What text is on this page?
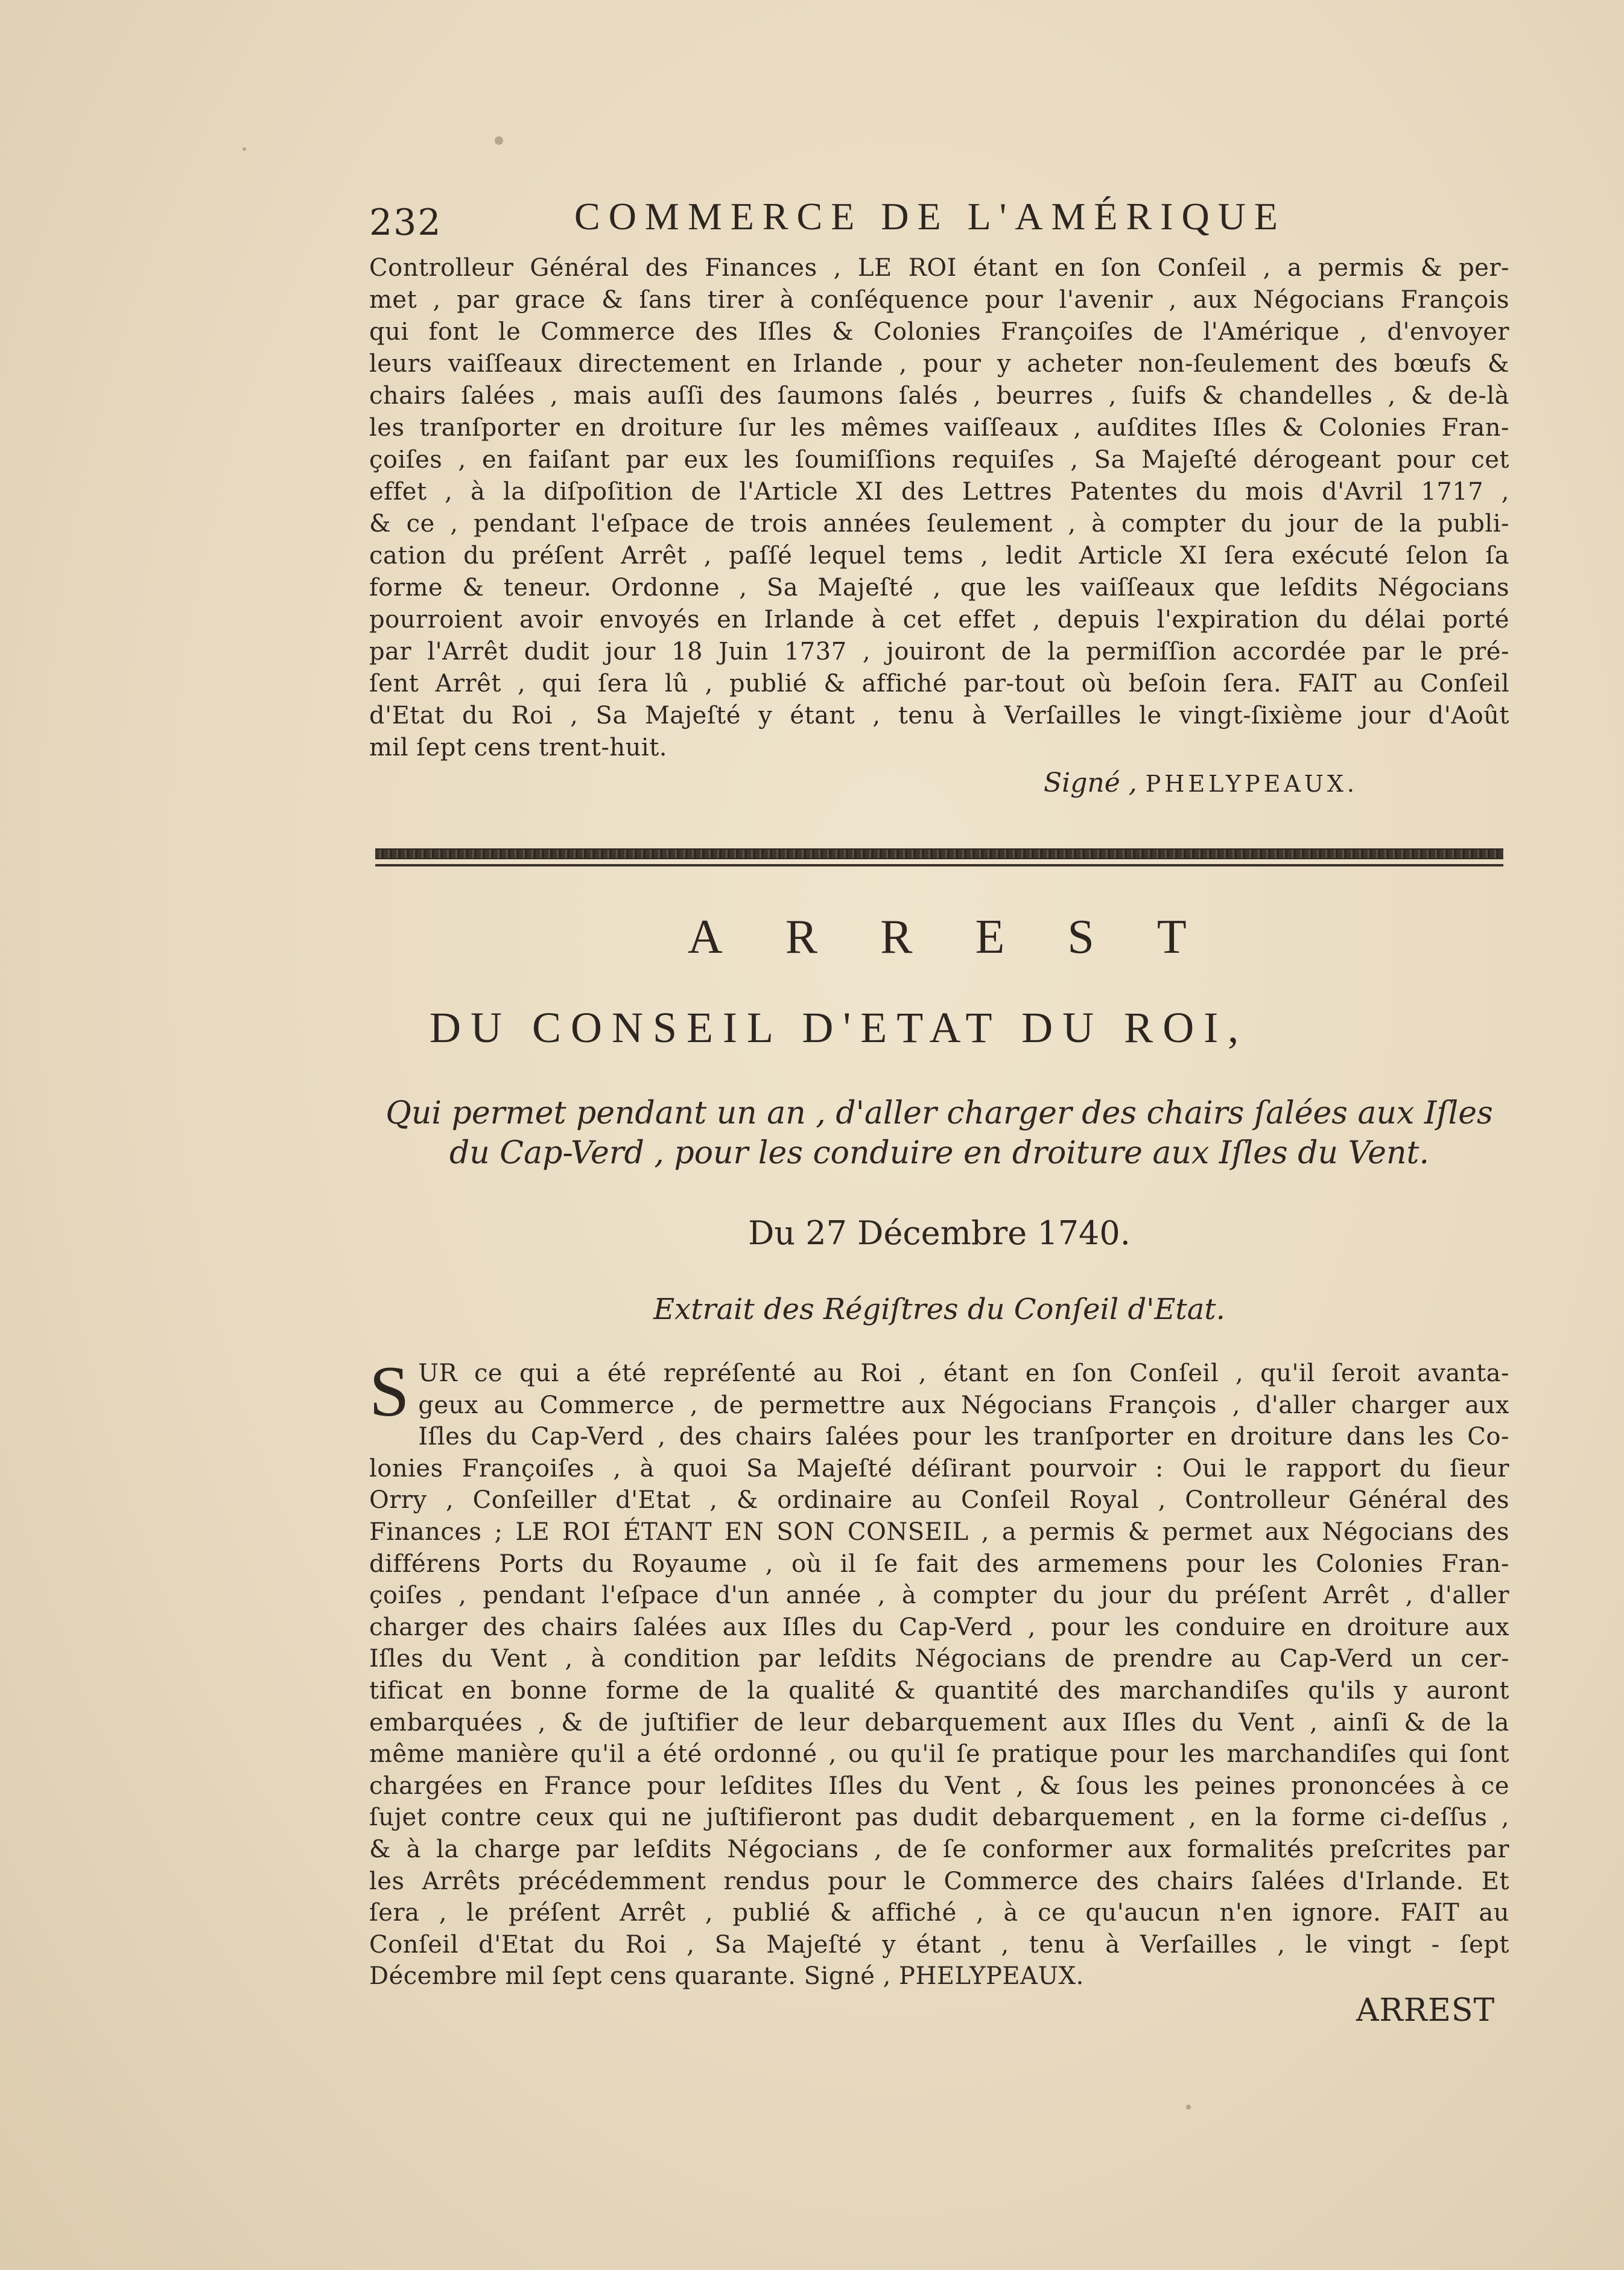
232	COMMERCE DE L'AMÉRIQUE

Controlleur Général des Finances , LE ROI étant en ſon Conſeil , a permis & per-

met , par grace & ſans tirer à conſéquence pour l'avenir , aux Négocians François

qui font le Commerce des Iſles & Colonies Françoiſes de l'Amérique , d'envoyer

leurs vaiſſeaux directement en Irlande , pour y acheter non-ſeulement des bœufs &

chairs ſalées , mais auſſi des ſaumons ſalés , beurres , ſuifs & chandelles , & de-là

les tranſporter en droiture ſur les mêmes vaiſſeaux , auſdites Iſles & Colonies Fran-

çoiſes , en faiſant par eux les ſoumiſſions requiſes , Sa Majeſté dérogeant pour cet

effet , à la diſpoſition de l'Article XI des Lettres Patentes du mois d'Avril 1717 ,

& ce , pendant l'eſpace de trois années ſeulement , à compter du jour de la publi-

cation du préſent Arrêt , paſſé lequel tems , ledit Article XI ſera exécuté ſelon ſa

forme & teneur. Ordonne , Sa Majeſté , que les vaiſſeaux que leſdits Négocians

pourroient avoir envoyés en Irlande à cet effet , depuis l'expiration du délai porté

par l'Arrêt dudit jour 18 Juin 1737 , jouiront de la permiſſion accordée par le pré-

ſent Arrêt , qui ſera lû , publié & affiché par-tout où beſoin ſera. FAIT au Conſeil

d'Etat du Roi , Sa Majeſté y étant , tenu à Verſailles le vingt-ſixième jour d'Août

mil ſept cens trent-huit.

Signé , PHELYPEAUX.
ARREST
DU CONSEIL D'ETAT DU ROI,
Qui permet pendant un an , d'aller charger des chairs ſalées aux Iſles
du Cap-Verd , pour les conduire en droiture aux Iſles du Vent.
Du 27 Décembre 1740.
Extrait des Régiſtres du Conſeil d'Etat.
S UR ce qui a été repréſenté au Roi , étant en ſon Conſeil , qu'il ſeroit avanta-

geux au Commerce , de permettre aux Négocians François , d'aller charger aux

Iſles du Cap-Verd , des chairs ſalées pour les tranſporter en droiture dans les Co-

lonies Françoiſes , à quoi Sa Majeſté déſirant pourvoir : Oui le rapport du ſieur

Orry , Conſeiller d'Etat , & ordinaire au Conſeil Royal , Controlleur Général des

Finances ; LE ROI ÉTANT EN SON CONSEIL , a permis & permet aux Négocians des

différens Ports du Royaume , où il ſe fait des armemens pour les Colonies Fran-

çoiſes , pendant l'eſpace d'un année , à compter du jour du préſent Arrêt , d'aller

charger des chairs ſalées aux Iſles du Cap-Verd , pour les conduire en droiture aux

Iſles du Vent , à condition par leſdits Négocians de prendre au Cap-Verd un cer-

tificat en bonne forme de la qualité & quantité des marchandiſes qu'ils y auront

embarquées , & de juſtifier de leur debarquement aux Iſles du Vent , ainſi & de la

même manière qu'il a été ordonné , ou qu'il ſe pratique pour les marchandiſes qui ſont

chargées en France pour leſdites Iſles du Vent , & ſous les peines prononcées à ce

ſujet contre ceux qui ne juſtifieront pas dudit debarquement , en la forme ci-deſſus ,

& à la charge par leſdits Négocians , de ſe conformer aux formalités preſcrites par

les Arrêts précédemment rendus pour le Commerce des chairs ſalées d'Irlande. Et

ſera , le préſent Arrêt , publié & affiché , à ce qu'aucun n'en ignore. FAIT au

Conſeil d'Etat du Roi , Sa Majeſté y étant , tenu à Verſailles , le vingt - ſept

Décembre mil ſept cens quarante. Signé , PHELYPEAUX.

ARREST
